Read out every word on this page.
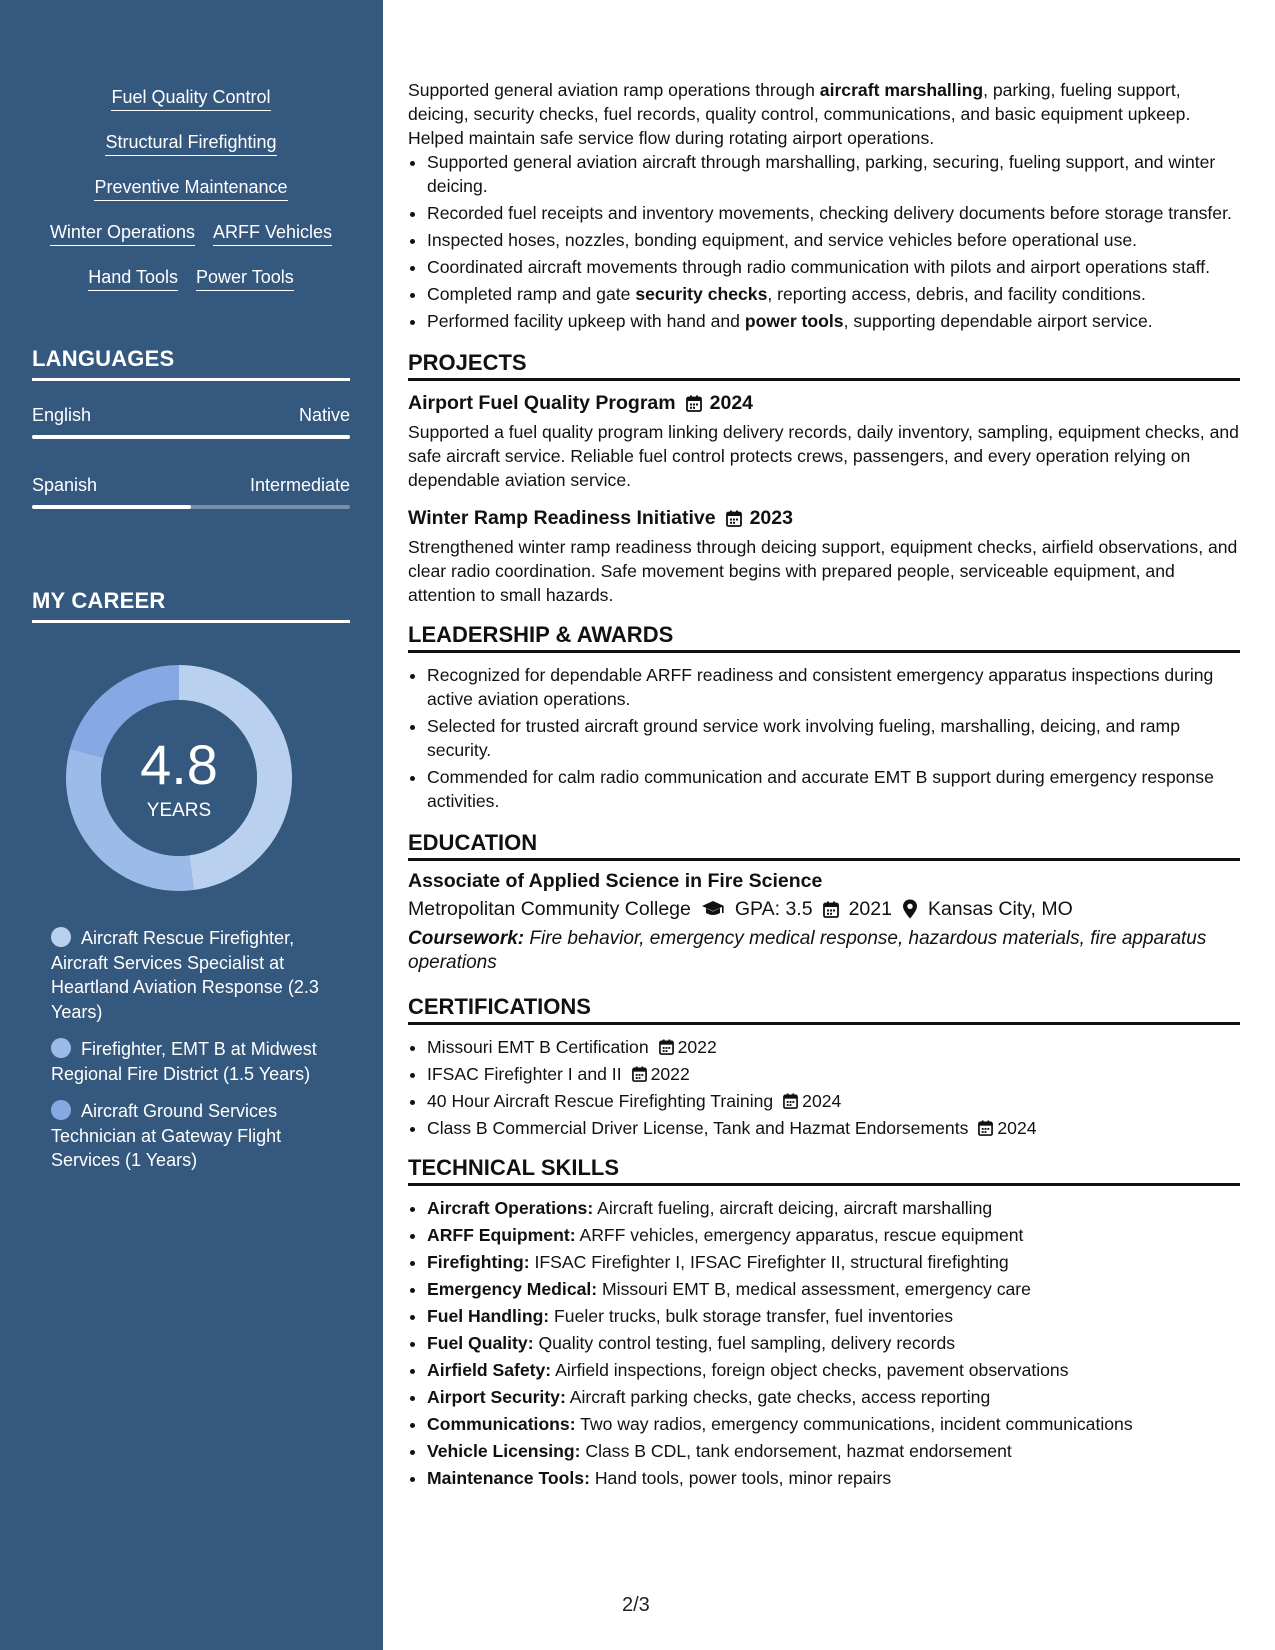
Fuel Quality Control
Structural Firefighting
Preventive Maintenance
Winter Operations ARFF Vehicles
Hand Tools Power Tools
LANGUAGES
English	Native
Spanish	Intermediate
MY CAREER
4.8
YEARS
Aircraft Rescue Firefighter, Aircraft Services Specialist at Heartland Aviation Response (2.3 Years)
Firefighter, EMT B at Midwest Regional Fire District (1.5 Years)
Aircraft Ground Services Technician at Gateway Flight Services (1 Years)
Supported general aviation ramp operations through aircraft marshalling, parking, fueling support, deicing, security checks, fuel records, quality control, communications, and basic equipment upkeep. Helped maintain safe service flow during rotating airport operations.
• Supported general aviation aircraft through marshalling, parking, securing, fueling support, and winter deicing.
• Recorded fuel receipts and inventory movements, checking delivery documents before storage transfer.
• Inspected hoses, nozzles, bonding equipment, and service vehicles before operational use.
• Coordinated aircraft movements through radio communication with pilots and airport operations staff.
• Completed ramp and gate security checks, reporting access, debris, and facility conditions.
• Performed facility upkeep with hand and power tools, supporting dependable airport service.
PROJECTS
Airport Fuel Quality Program 2024
Supported a fuel quality program linking delivery records, daily inventory, sampling, equipment checks, and safe aircraft service. Reliable fuel control protects crews, passengers, and every operation relying on dependable aviation service.
Winter Ramp Readiness Initiative 2023
Strengthened winter ramp readiness through deicing support, equipment checks, airfield observations, and clear radio coordination. Safe movement begins with prepared people, serviceable equipment, and attention to small hazards.
LEADERSHIP & AWARDS
• Recognized for dependable ARFF readiness and consistent emergency apparatus inspections during active aviation operations.
• Selected for trusted aircraft ground service work involving fueling, marshalling, deicing, and ramp security.
• Commended for calm radio communication and accurate EMT B support during emergency response activities.
EDUCATION
Associate of Applied Science in Fire Science
Metropolitan Community College GPA: 3.5 2021 Kansas City, MO
Coursework: Fire behavior, emergency medical response, hazardous materials, fire apparatus operations
CERTIFICATIONS
• Missouri EMT B Certification 2022
• IFSAC Firefighter I and II 2022
• 40 Hour Aircraft Rescue Firefighting Training 2024
• Class B Commercial Driver License, Tank and Hazmat Endorsements 2024
TECHNICAL SKILLS
• Aircraft Operations: Aircraft fueling, aircraft deicing, aircraft marshalling
• ARFF Equipment: ARFF vehicles, emergency apparatus, rescue equipment
• Firefighting: IFSAC Firefighter I, IFSAC Firefighter II, structural firefighting
• Emergency Medical: Missouri EMT B, medical assessment, emergency care
• Fuel Handling: Fueler trucks, bulk storage transfer, fuel inventories
• Fuel Quality: Quality control testing, fuel sampling, delivery records
• Airfield Safety: Airfield inspections, foreign object checks, pavement observations
• Airport Security: Aircraft parking checks, gate checks, access reporting
• Communications: Two way radios, emergency communications, incident communications
• Vehicle Licensing: Class B CDL, tank endorsement, hazmat endorsement
• Maintenance Tools: Hand tools, power tools, minor repairs
2/3
